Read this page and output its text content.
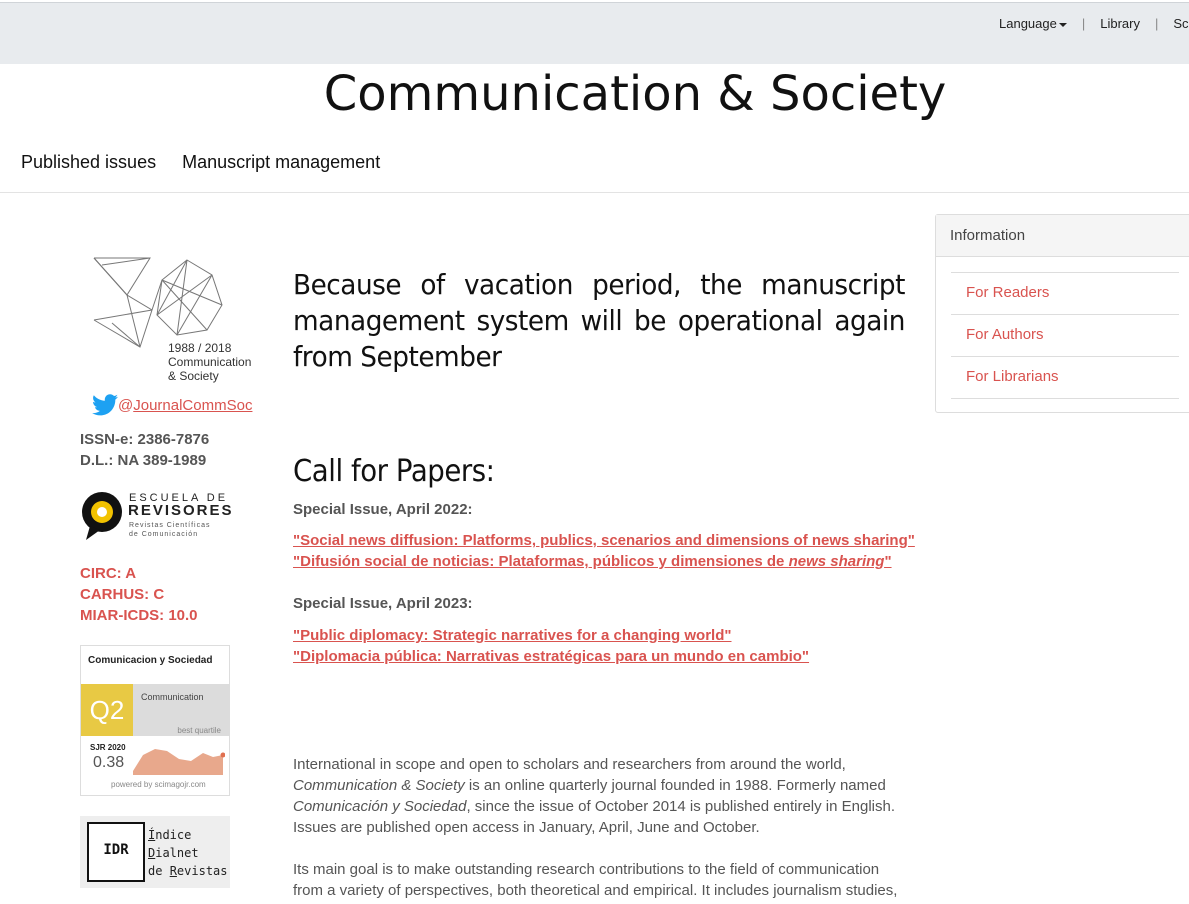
Language	| Library | Sc
Communication & Society
Published issues Manuscript management
1988 / 2018
Communication
& Society
@ JournalCommSoc
ISSN-e: 2386-7876
D.L.: NA 389-1989
ESCUELA DE
REVISORES
Revistas Científicas
de Comunicación
CIRC: A
CARHUS: C
MIAR-ICDS: 10.0
Comunicacion y Sociedad
Q2	Communication
best quartile
SJR 2020
0.38
powered by scimagojr.com
IDR
Índice
Dialnet
de Revistas
Because of vacation period, the manuscript management system will be operational again from September
Call for Papers:
Special Issue, April 2022:
"Social news diffusion: Platforms, publics, scenarios and dimensions of news sharing"
"Difusión social de noticias: Plataformas, públicos y dimensiones de news sharing"
Special Issue, April 2023:
"Public diplomacy: Strategic narratives for a changing world"
"Diplomacia pública: Narrativas estratégicas para un mundo en cambio"
International in scope and open to scholars and researchers from around the world,
Communication & Society is an online quarterly journal founded in 1988. Formerly named
Comunicación y Sociedad, since the issue of October 2014 is published entirely in English.
Issues are published open access in January, April, June and October.
Its main goal is to make outstanding research contributions to the field of communication
from a variety of perspectives, both theoretical and empirical. It includes journalism studies,
Information
For Readers
For Authors
For Librarians
